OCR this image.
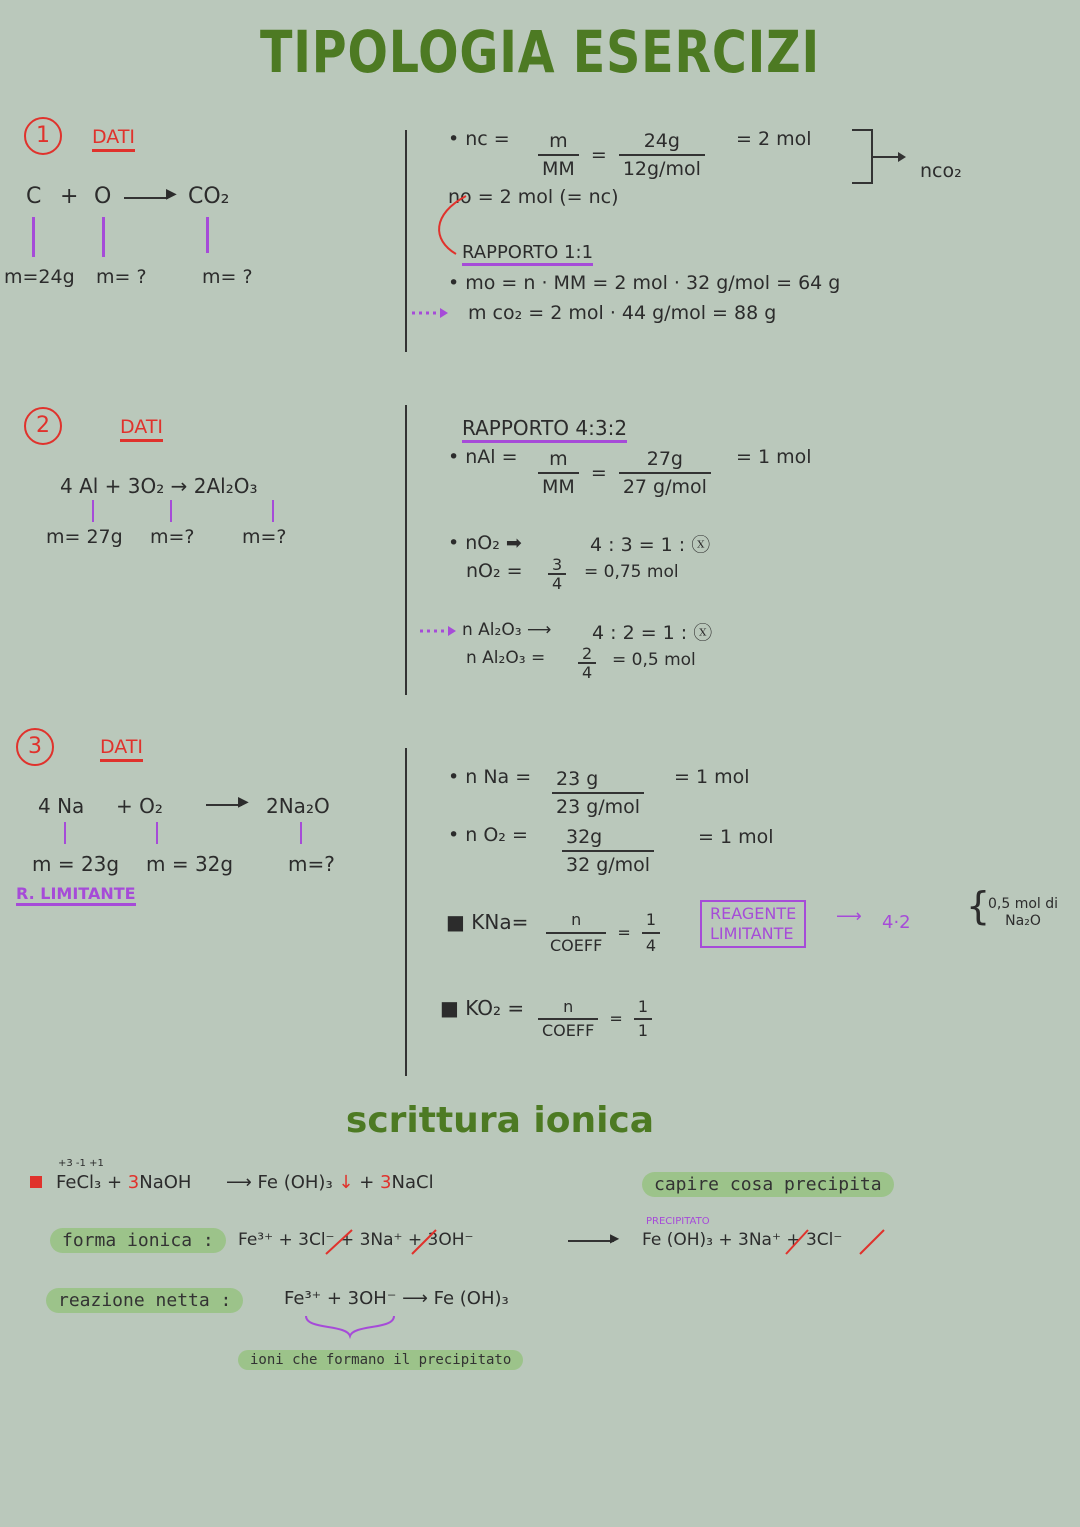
TIPOLOGIA ESERCIZI
1	DATI
C + O	▶ CO₂
m=24g m= ?	m= ?
• nc = $\frac{m}{MM} = \frac{24g}{\text{12g/mol}} = 2$ mol
nco₂
no = 2 mol (= nc)
RAPPORTO 1:1
• mo = n · MM = 2 mol · 32 g/mol = 64 g
m co₂ = 2 mol · 44 g/mol = 88 g
2	DATI
4 Al + 3O₂ → 2Al₂O₃
m= 27g m=? m=?
RAPPORTO 4:3:2
• nAl = $\frac{m}{MM} = \frac{27g}{\text{27 g/mol}} = 1$ mol
• nO₂ ➡	4 : 3 = 1 : ⓧ
$nO_2 = \frac{3}{4} = 0,75$ mol
n Al₂O₃ ⟶ 4 : 2 = 1 : ⓧ
n $Al_2O_3 = \frac{2}{4} = 0,5$ mol
3	DATI
4 Na + O₂	▶ 2Na₂O
m = 23g m = 32g	m=?
R. LIMITANTE
• n $Na = \frac{23 g}{\text{23 g/mol}} = 1$ mol
• n $O_2 = \frac{32g}{\text{32 g/mol}} = 1$ mol
■ $KNa= \frac{n}{\text{COEFF}} = \frac{1}{4}$	REAGENTE
LIMITANTE
⟶ 4·2 {
0,5 mol di
Na₂O
■ $KO_2 = \frac{n}{\text{COEFF}} = \frac{1}{1}$
scrittura ionica
+3 -1 +1
FeCl₃ + 3NaOH ⟶ Fe (OH)₃ ↓ + 3NaCl	capire cosa precipita
forma ionica :	Fe³⁺ + 3Cl⁻ + 3Na⁺ + 3OH⁻	▶
PRECIPITATO
Fe (OH)₃ + 3Na⁺ + 3Cl⁻
reazione netta :	Fe³⁺ + 3OH⁻ ⟶ Fe (OH)₃
ioni che formano il precipitato
